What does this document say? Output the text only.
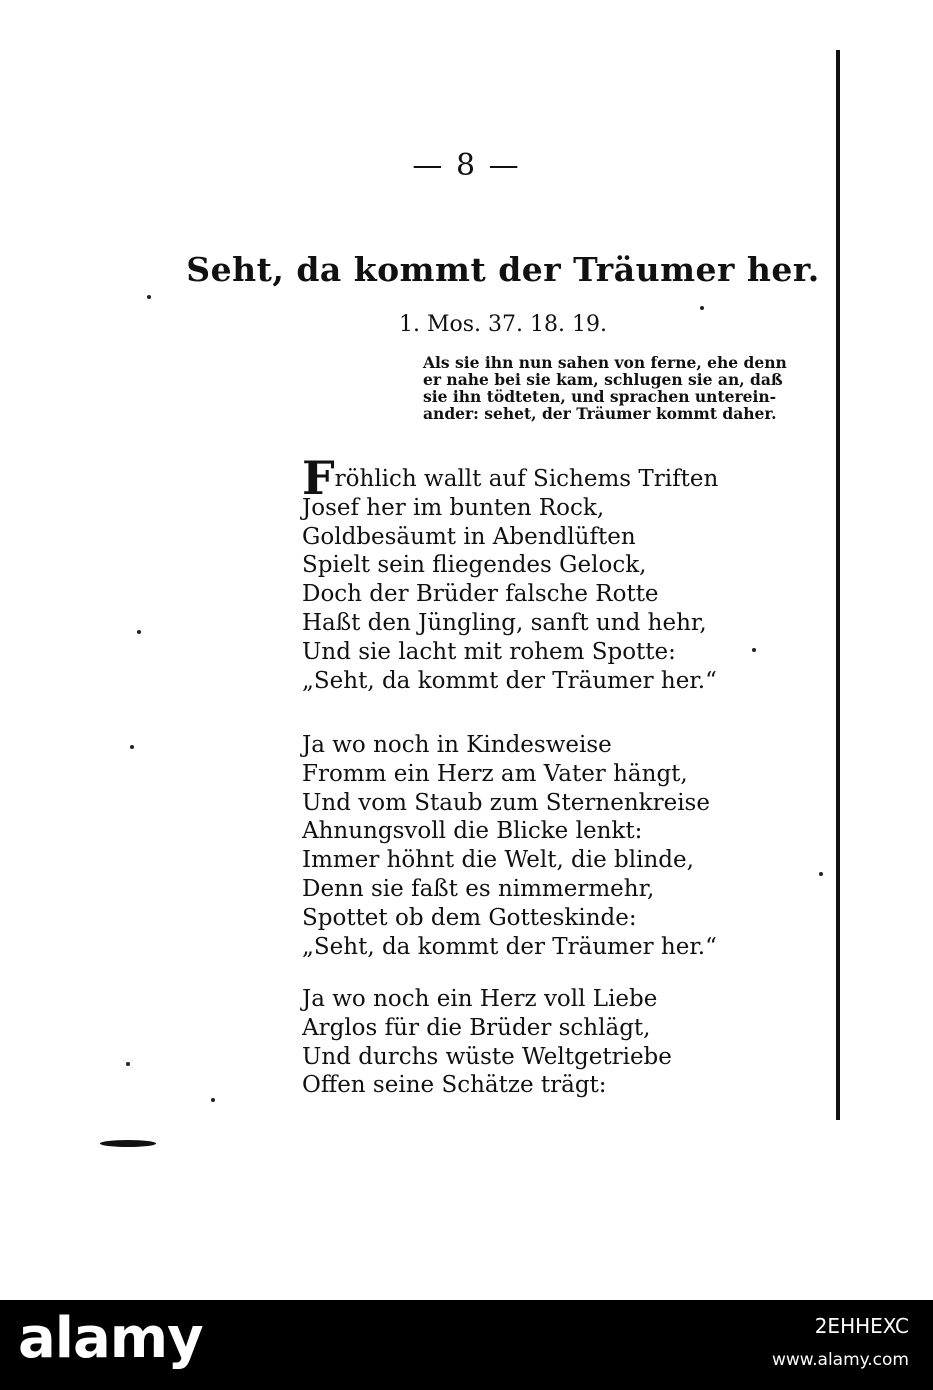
— 8 —
Seht, da kommt der Träumer her.
1. Mos. 37. 18. 19.
Als sie ihn nun sahen von ferne, ehe denn
er nahe bei sie kam, schlugen sie an, daß
sie ihn tödteten, und sprachen unterein-
ander: sehet, der Träumer kommt daher.
Fröhlich wallt auf Sichems Triften
Josef her im bunten Rock,
Goldbesäumt in Abendlüften
Spielt sein fliegendes Gelock,
Doch der Brüder falsche Rotte
Haßt den Jüngling, sanft und hehr,
Und sie lacht mit rohem Spotte:
„Seht, da kommt der Träumer her.“
Ja wo noch in Kindesweise
Fromm ein Herz am Vater hängt,
Und vom Staub zum Sternenkreise
Ahnungsvoll die Blicke lenkt:
Immer höhnt die Welt, die blinde,
Denn sie faßt es nimmermehr,
Spottet ob dem Gotteskinde:
„Seht, da kommt der Träumer her.“
Ja wo noch ein Herz voll Liebe
Arglos für die Brüder schlägt,
Und durchs wüste Weltgetriebe
Offen seine Schätze trägt:
alamy	2EHHEXC
www.alamy.com
